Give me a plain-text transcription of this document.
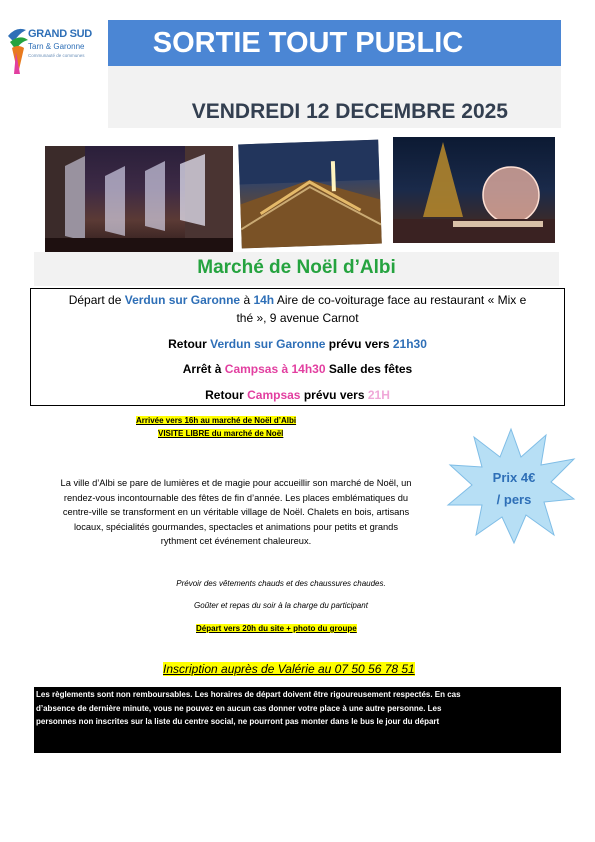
GRAND SUD
Tarn & Garonne
Communauté de communes	SORTIE TOUT PUBLIC
VENDREDI 12 DECEMBRE 2025
Marché de Noël d’Albi
Départ de Verdun sur Garonne à 14h Aire de co-voiturage face au restaurant « Mix e
thé », 9 avenue Carnot
Retour Verdun sur Garonne prévu vers 21h30
Arrêt à Campsas à 14h30 Salle des fêtes
Retour Campsas prévu vers 21H
Arrivée vers 16h au marché de Noël d’Albi
VISITE LIBRE du marché de Noël
La ville d’Albi se pare de lumières et de magie pour accueillir son marché de Noël, un
rendez-vous incontournable des fêtes de fin d’année. Les places emblématiques du
centre-ville se transforment en un véritable village de Noël. Chalets en bois, artisans
locaux, spécialités gourmandes, spectacles et animations pour petits et grands
rythment cet événement chaleureux.
Prix 4€
/ pers
Prévoir des vêtements chauds et des chaussures chaudes.
Goûter et repas du soir à la charge du participant
Départ vers 20h du site + photo du groupe
Inscription auprès de Valérie au 07 50 56 78 51
Les règlements sont non remboursables. Les horaires de départ doivent être rigoureusement respectés. En cas
d’absence de dernière minute, vous ne pouvez en aucun cas donner votre place à une autre personne. Les
personnes non inscrites sur la liste du centre social, ne pourront pas monter dans le bus le jour du départ
